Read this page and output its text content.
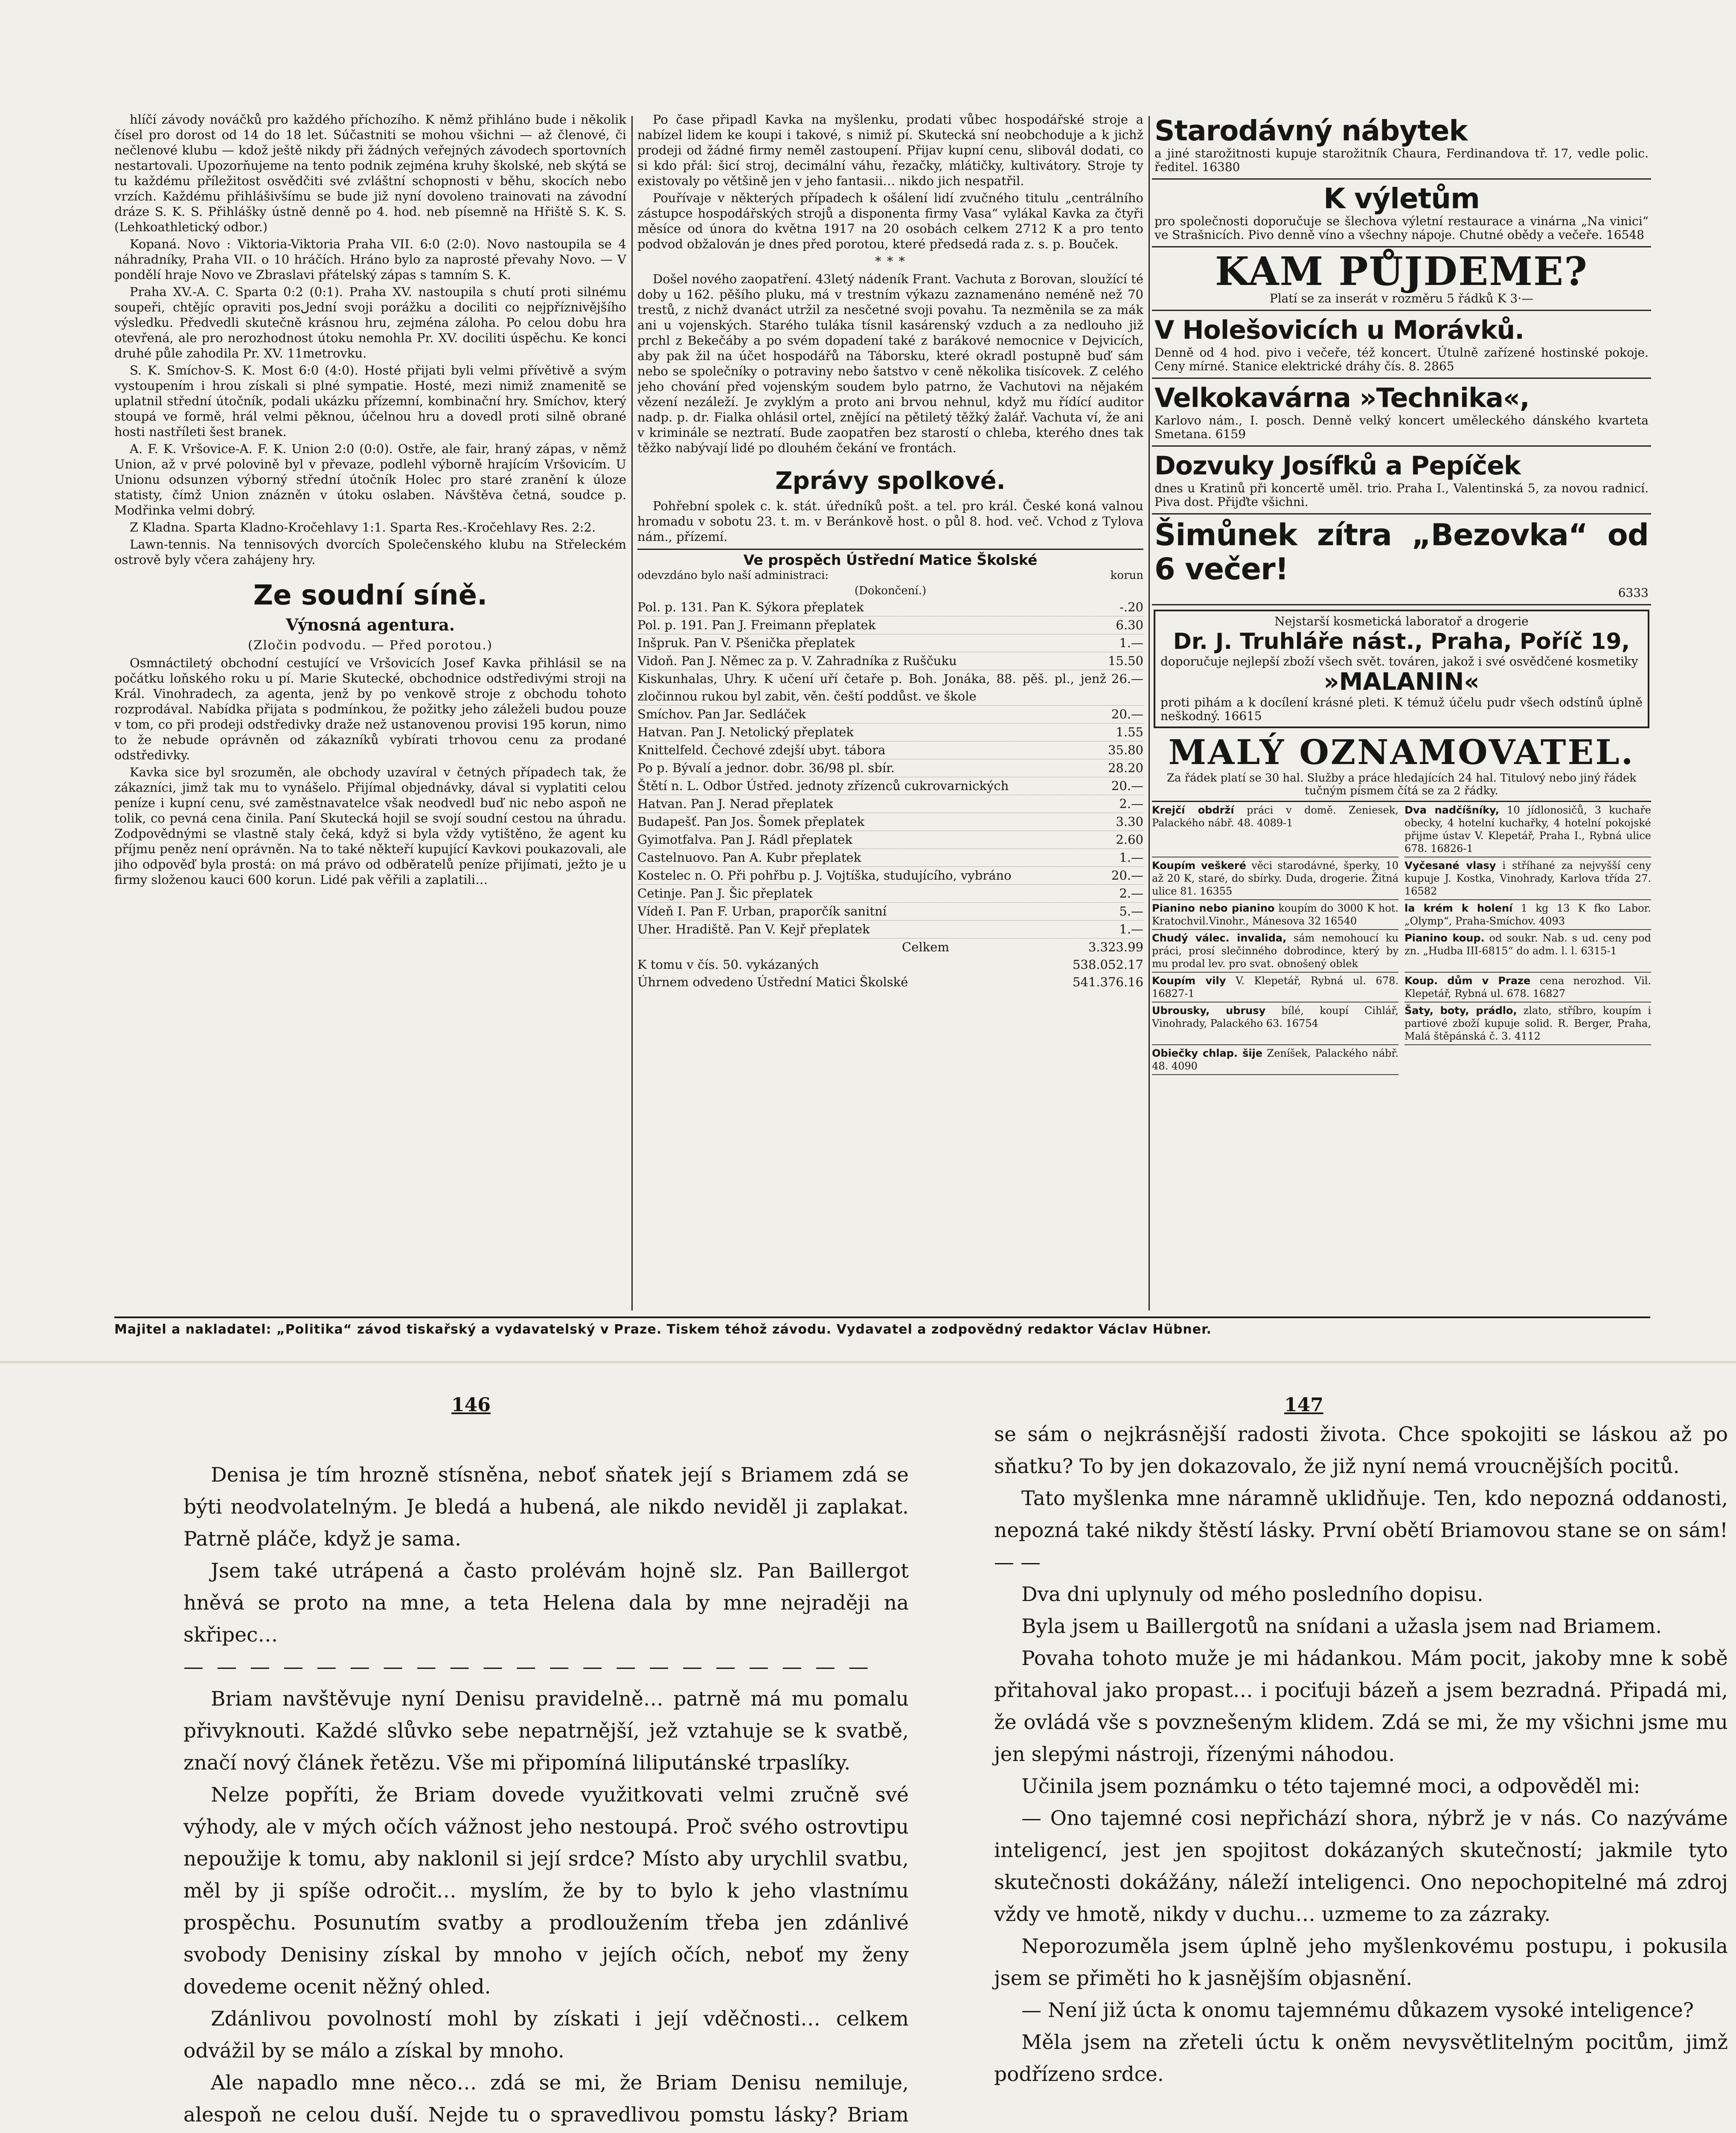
hlíčí závody nováčků pro každého příchozího. K němž přihláno bude i několik čísel pro dorost od 14 do 18 let. Súčastniti se mohou všichni — až členové, či nečlenové klubu — kdož ještě nikdy při žádných veřejných závodech sportovních nestartovali. Upozorňujeme na tento podnik zejména kruhy školské, neb skýtá se tu každému příležitost osvědčiti své zvláštní schopnosti v běhu, skocích nebo vrzích. Každému přihlášivšímu se bude již nyní dovoleno trainovati na závodní dráze S. K. S. Přihlášky ústně denně po 4. hod. neb písemně na Hřiště S. K. S. (Lehkoathletický odbor.)

Kopaná. Novo : Viktoria-Viktoria Praha VII. 6:0 (2:0). Novo nastoupila se 4 náhradníky, Praha VII. o 10 hráčích. Hráno bylo za naprosté převahy Novo. — V pondělí hraje Novo ve Zbraslavi přátelský zápas s tamním S. K.

Praha XV.-A. C. Sparta 0:2 (0:1). Praha XV. nastoupila s chutí proti silnému soupeři, chtějíc opraviti posلední svoji porážku a dociliti co nejpříznivějšího výsledku. Předvedli skutečně krásnou hru, zejména záloha. Po celou dobu hra otevřená, ale pro nerozhodnost útoku nemohla Pr. XV. dociliti úspěchu. Ke konci druhé půle zahodila Pr. XV. 11metrovku.

S. K. Smíchov-S. K. Most 6:0 (4:0). Hosté přijati byli velmi přívětivě a svým vystoupením i hrou získali si plné sympatie. Hosté, mezi nimiž znamenitě se uplatnil střední útočník, podali ukázku přízemní, kombinační hry. Smíchov, který stoupá ve formě, hrál velmi pěknou, účelnou hru a dovedl proti silně obrané hosti nastříleti šest branek.

A. F. K. Vršovice-A. F. K. Union 2:0 (0:0). Ostře, ale fair, hraný zápas, v němž Union, až v prvé polovině byl v převaze, podlehl výborně hrajícím Vršovicím. U Unionu odsunzen výborný střední útočník Holec pro staré zranění k úloze statisty, čímž Union znázněn v útoku oslaben. Návštěva četná, soudce p. Modřinka velmi dobrý.

Z Kladna. Sparta Kladno-Kročehlavy 1:1. Sparta Res.-Kročehlavy Res. 2:2.

Lawn-tennis. Na tennisových dvorcích Společenského klubu na Střeleckém ostrově byly včera zahájeny hry.

Ze soudní síně.
Výnosná agentura.
(Zločin podvodu. — Před porotou.)

Osmnáctiletý obchodní cestující ve Vršovicích Josef Kavka přihlásil se na počátku loňského roku u pí. Marie Skutecké, obchodnice odstředivými stroji na Král. Vinohradech, za agenta, jenž by po venkově stroje z obchodu tohoto rozprodával. Nabídka přijata s podmínkou, že požitky jeho záleželi budou pouze v tom, co při prodeji odstředivky draže než ustanovenou provisi 195 korun, nimo to že nebude oprávněn od zákazníků vybírati trhovou cenu za prodané odstředivky.

Kavka sice byl srozuměn, ale obchody uzavíral v četných případech tak, že zákazníci, jimž tak mu to vynášelo. Přijímal objednávky, dával si vyplatiti celou peníze i kupní cenu, své zaměstnavatelce však neodvedl buď nic nebo aspoň ne tolik, co pevná cena činila. Paní Skutecká hojil se svojí soudní cestou na úhradu. Zodpovědnými se vlastně staly čeká, když si byla vždy vytištěno, že agent ku příjmu peněz není oprávněn. Na to také někteří kupující Kavkovi poukazovali, ale jiho odpověď byla prostá: on má právo od odběratelů peníze přijímati, ježto je u firmy složenou kauci 600 korun. Lidé pak věřili a zaplatili…

Po čase připadl Kavka na myšlenku, prodati vůbec hospodářské stroje a nabízel lidem ke koupi i takové, s nimiž pí. Skutecká sní neobchoduje a k jichž prodeji od žádné firmy neměl zastoupení. Přijav kupní cenu, slibovál dodati, co si kdo přál: šicí stroj, decimální váhu, řezačky, mlátičky, kultivátory. Stroje ty existovaly po většině jen v jeho fantasii… nikdo jich nespatřil.

Pouřívaje v některých případech k ošálení lidí zvučného titulu „centrálního zástupce hospodářských strojů a disponenta firmy Vasa“ vylákal Kavka za čtyři měsíce od února do května 1917 na 20 osobách celkem 2712 K a pro tento podvod obžalován je dnes před porotou, které předsedá rada z. s. p. Bouček.

* * *

Došel nového zaopatření. 43letý nádeník Frant. Vachuta z Borovan, sloužící té doby u 162. pěšího pluku, má v trestním výkazu zaznamenáno neméně než 70 trestů, z nichž dvanáct utržil za nesčetné svoji povahu. Ta nezměnila se za mák ani u vojenských. Starého tuláka tísnil kasárenský vzduch a za nedlouho již prchl z Bekečáby a po svém dopadení také z barákové nemocnice v Dejvicích, aby pak žil na účet hospodářů na Táborsku, které okradl postupně buď sám nebo se společníky o potraviny nebo šatstvo v ceně několika tisícovek. Z celého jeho chování před vojenským soudem bylo patrno, že Vachutovi na nějakém vězení nezáleží. Je zvyklým a proto ani brvou nehnul, když mu řídící auditor nadp. p. dr. Fialka ohlásil ortel, znějící na pětiletý těžký žalář. Vachuta ví, že ani v kriminále se neztratí. Bude zaopatřen bez starostí o chleba, kterého dnes tak těžko nabývají lidé po dlouhém čekání ve frontách.

Zprávy spolkové.

Pohřební spolek c. k. stát. úředníků pošt. a tel. pro král. České koná valnou hromadu v sobotu 23. t. m. v Beránkově host. o půl 8. hod. več. Vchod z Tylova nám., přízemí.

Ve prospěch Ústřední Matice Školské
odevzdáno bylo naší administraci:	korun
(Dokončení.)
Pol. p. 131. Pan K. Sýkora přeplatek	-.20
Pol. p. 191. Pan J. Freimann přeplatek	6.30
Inšpruk. Pan V. Pšenička přeplatek	1.—
Vidoň. Pan J. Němec za p. V. Zahradníka z Ruščuku	15.50
Kiskunhalas, Uhry. K učení uří četaře p. Boh. Jonáka, 88. pěš. pl., jenž zločinnou rukou byl zabit, věn. čeští poddůst. ve škole
26.—
Smíchov. Pan Jar. Sedláček	20.—
Hatvan. Pan J. Netolický přeplatek	1.55
Knittelfeld. Čechové zdejší ubyt. tábora	35.80
Po p. Bývalí a jednor. dobr. 36/98 pl. sbír.	28.20
Štětí n. L. Odbor Ústřed. jednoty zřízenců cukrovarnických	20.—
Hatvan. Pan J. Nerad přeplatek	2.—
Budapešť. Pan Jos. Šomek přeplatek	3.30
Gyimotfalva. Pan J. Rádl přeplatek	2.60
Castelnuovo. Pan A. Kubr přeplatek	1.—
Kostelec n. O. Při pohřbu p. J. Vojtíška, studujícího, vybráno	20.—
Cetinje. Pan J. Šic přeplatek	2.—
Vídeň I. Pan F. Urban, praporčík sanitní	5.—
Uher. Hradiště. Pan V. Kejř přeplatek	1.—
Celkem	3.323.99
K tomu v čís. 50. vykázaných	538.052.17
Úhrnem odvedeno Ústřední Matici Školské	541.376.16
Starodávný nábytek
a jiné starožitnosti kupuje starožitník Chaura, Ferdinandova tř. 17, vedle polic. ředitel. 16380
K výletům
pro společnosti doporučuje se šlechova výletní restaurace a vinárna „Na vinici“ ve Strašnicích. Pivo denně víno a všechny nápoje. Chutné obědy a večeře. 16548
KAM PŮJDEME?
Platí se za inserát v rozměru 5 řádků K 3·—
V Holešovicích u Morávků.
Denně od 4 hod. pivo i večeře, též koncert. Útulně zařízené hostinské pokoje. Ceny mírné. Stanice elektrické dráhy čís. 8. 2865
Velkokavárna »Technika«,
Karlovo nám., I. posch. Denně velký koncert uměleckého dánského kvarteta Smetana. 6159
Dozvuky Josífků a Pepíček
dnes u Kratinů při koncertě uměl. trio. Praha I., Valentinská 5, za novou radnicí. Piva dost. Přijďte všichni.
Šimůnek zítra „Bezovka“ od 6 večer!
6333
Nejstarší kosmetická laboratoř a drogerie
Dr. J. Truhláře nást., Praha, Poříč 19,
doporučuje nejlepší zboží všech svět. továren, jakož i své osvědčené kosmetiky
»MALANIN«
proti pihám a k docílení krásné pleti. K témuž účelu pudr všech odstínů úplně neškodný. 16615
MALÝ OZNAMOVATEL.
Za řádek platí se 30 hal. Služby a práce hledajících 24 hal. Titulový nebo jiný řádek tučným písmem čítá se za 2 řádky.
Krejčí obdrží práci v domě. Zeniesek, Palackého nábř. 48. 4089-1
Dva nadčíšníky, 10 jídlonosičů, 3 kuchaře obecky, 4 hotelní kuchařky, 4 hotelní pokojské přijme ústav V. Klepetář, Praha I., Rybná ulice 678. 16826-1
Koupím veškeré věci starodávné, šperky, 10 až 20 K, staré, do sbírky. Duda, drogerie. Žitná ulice 81. 16355
Vyčesané vlasy i stříhané za nejvyšší ceny kupuje J. Kostka, Vinohrady, Karlova třída 27. 16582
Pianino nebo pianino koupím do 3000 K hot. Kratochvil.Vinohr., Mánesova 32 16540
la krém k holení 1 kg 13 K fko Labor. „Olymp“, Praha-Smíchov. 4093
Chudý válec. invalida, sám nemohoucí ku práci, prosí slečinného dobrodince, který by mu prodal lev. pro svat. obnošený oblek
Pianino koup. od soukr. Nab. s ud. ceny pod zn. „Hudba III-6815“ do adm. l. l. 6315-1
Koupím vily V. Klepetář, Rybná ul. 678. 16827-1
Koup. dům v Praze cena nerozhod. Vil. Klepetář, Rybná ul. 678. 16827
Ubrousky, ubrusy bílé, koupí Cihlář, Vinohrady, Palackého 63. 16754
Šaty, boty, prádlo, zlato, stříbro, koupím i partiové zboží kupuje solid. R. Berger, Praha, Malá štěpánská č. 3. 4112
Obiečky chlap. šije Zeníšek, Palackého nábř. 48. 4090
Majitel a nakladatel: „Politika“ závod tiskařský a vydavatelský v Praze. Tiskem téhož závodu. Vydavatel a zodpovědný redaktor Václav Hübner.
146	147

Denisa je tím hrozně stísněna, neboť sňatek její s Briamem zdá se býti neodvolatelným. Je bledá a hubená, ale nikdo neviděl ji zaplakat. Patrně pláče, když je sama.

Jsem také utrápená a často prolévám hojně slz. Pan Baillergot hněvá se proto na mne, a teta Helena dala by mne nejraději na skřipec…

— — — — — — — — — — — — — — — — — — — — —

Briam navštěvuje nyní Denisu pravidelně… patrně má mu pomalu přivyknouti. Každé slůvko sebe nepatrnější, jež vztahuje se k svatbě, značí nový článek řetězu. Vše mi připomíná liliputánské trpaslíky.

Nelze popříti, že Briam dovede využitkovati velmi zručně své výhody, ale v mých očích vážnost jeho nestoupá. Proč svého ostrovtipu nepoužije k tomu, aby naklonil si její srdce? Místo aby urychlil svatbu, měl by ji spíše odročit… myslím, že by to bylo k jeho vlastnímu prospěchu. Posunutím svatby a prodloužením třeba jen zdánlivé svobody Denisiny získal by mnoho v jejích očích, neboť my ženy dovedeme ocenit něžný ohled.

Zdánlivou povolností mohl by získati i její vděčnosti… celkem odvážil by se málo a získal by mnoho.

Ale napadlo mne něco… zdá se mi, že Briam Denisu nemiluje, alespoň ne celou duší. Nejde tu o spravedlivou pomstu lásky? Briam

se sám o nejkrásnější radosti života. Chce spokojiti se láskou až po sňatku? To by jen dokazovalo, že již nyní nemá vroucnějších pocitů.

Tato myšlenka mne náramně uklidňuje. Ten, kdo nepozná oddanosti, nepozná také nikdy štěstí lásky. První obětí Briamovou stane se on sám! — —

Dva dni uplynuly od mého posledního dopisu.

Byla jsem u Baillergotů na snídani a užasla jsem nad Briamem.

Povaha tohoto muže je mi hádankou. Mám pocit, jakoby mne k sobě přitahoval jako propast… i pociťuji bázeň a jsem bezradná. Připadá mi, že ovládá vše s povznešeným klidem. Zdá se mi, že my všichni jsme mu jen slepými nástroji, řízenými náhodou.

Učinila jsem poznámku o této tajemné moci, a odpověděl mi:

— Ono tajemné cosi nepřichází shora, nýbrž je v nás. Co nazýváme inteligencí, jest jen spojitost dokázaných skutečností; jakmile tyto skutečnosti dokážány, náleží inteligenci. Ono nepochopitelné má zdroj vždy ve hmotě, nikdy v duchu… uzmeme to za zázraky.

Neporozuměla jsem úplně jeho myšlenkovému postupu, i pokusila jsem se přiměti ho k jasnějším objasnění.

— Není již úcta k onomu tajemnému důkazem vysoké inteligence?

Měla jsem na zřeteli úctu k oněm nevysvětlitelným pocitům, jimž podřízeno srdce.
